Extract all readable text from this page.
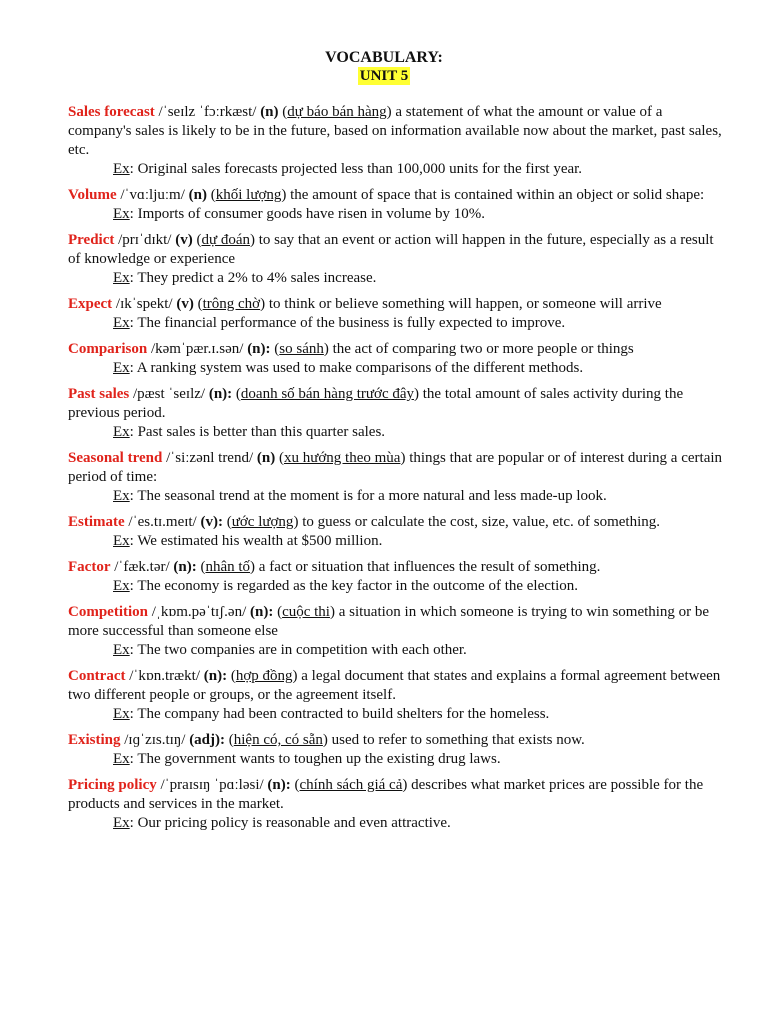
VOCABULARY:
UNIT 5

Sales forecast /ˈseɪlz ˈfɔːrkæst/ (n) (dự báo bán hàng) a statement of what the amount or value of a company's sales is likely to be in the future, based on information available now about the market, past sales, etc.

Ex: Original sales forecasts projected less than 100,000 units for the first year.

Volume /ˈvɑːljuːm/ (n) (khối lượng) the amount of space that is contained within an object or solid shape:

Ex: Imports of consumer goods have risen in volume by 10%.

Predict /prɪˈdɪkt/ (v) (dự đoán) to say that an event or action will happen in the future, especially as a result of knowledge or experience

Ex: They predict a 2% to 4% sales increase.

Expect /ɪkˈspekt/ (v) (trông chờ) to think or believe something will happen, or someone will arrive

Ex: The financial performance of the business is fully expected to improve.

Comparison /kəmˈpær.ɪ.sən/ (n): (so sánh) the act of comparing two or more people or things

Ex: A ranking system was used to make comparisons of the different methods.

Past sales /pæst ˈseɪlz/ (n): (doanh số bán hàng trước đây) the total amount of sales activity during the previous period.

Ex: Past sales is better than this quarter sales.

Seasonal trend /ˈsiːzənl trend/ (n) (xu hướng theo mùa) things that are popular or of interest during a certain period of time:

Ex: The seasonal trend at the moment is for a more natural and less made-up look.

Estimate /ˈes.tɪ.meɪt/ (v): (ước lượng) to guess or calculate the cost, size, value, etc. of something.

Ex: We estimated his wealth at $500 million.

Factor /ˈfæk.tər/ (n): (nhân tố) a fact or situation that influences the result of something.

Ex: The economy is regarded as the key factor in the outcome of the election.

Competition /ˌkɒm.pəˈtɪʃ.ən/ (n): (cuộc thi) a situation in which someone is trying to win something or be more successful than someone else

Ex: The two companies are in competition with each other.

Contract /ˈkɒn.trækt/ (n): (hợp đồng) a legal document that states and explains a formal agreement between two different people or groups, or the agreement itself.

Ex: The company had been contracted to build shelters for the homeless.

Existing /ɪɡˈzɪs.tɪŋ/ (adj): (hiện có, có sẵn) used to refer to something that exists now.

Ex: The government wants to toughen up the existing drug laws.

Pricing policy /ˈpraɪsɪŋ ˈpɑːləsi/ (n): (chính sách giá cả) describes what market prices are possible for the products and services in the market.

Ex: Our pricing policy is reasonable and even attractive.
